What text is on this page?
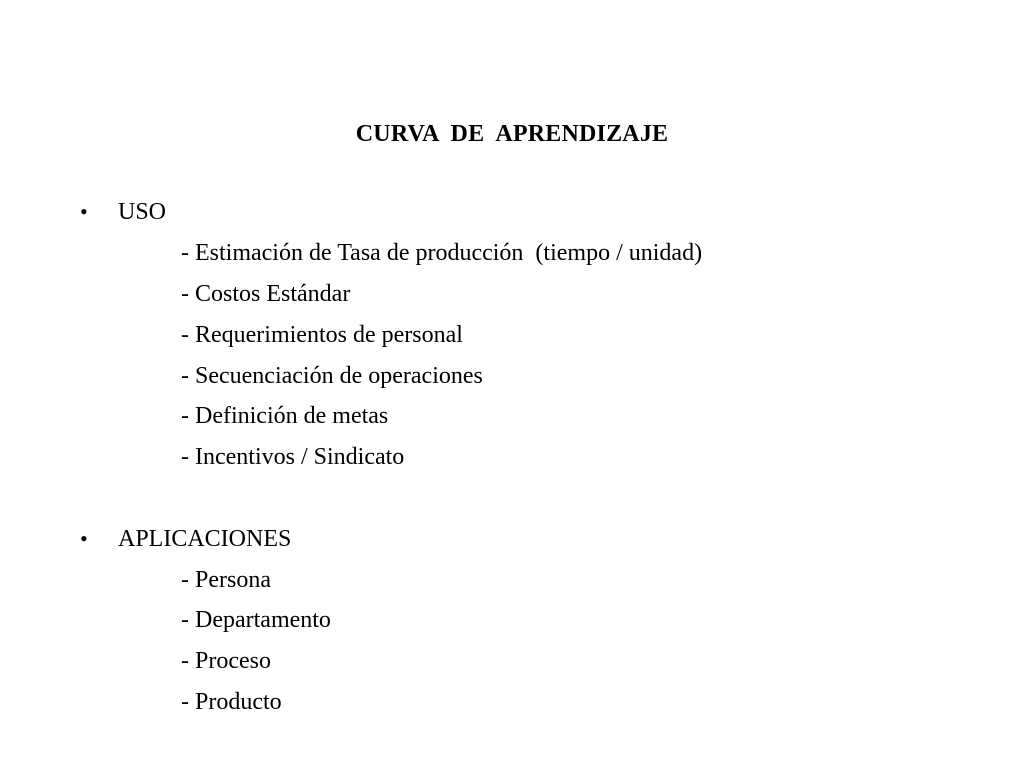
CURVA  DE  APRENDIZAJE
• USO
- Estimación de Tasa de producción  (tiempo / unidad)
- Costos Estándar
- Requerimientos de personal
- Secuenciación de operaciones
- Definición de metas
- Incentivos / Sindicato
• APLICACIONES
- Persona
- Departamento
- Proceso
- Producto
